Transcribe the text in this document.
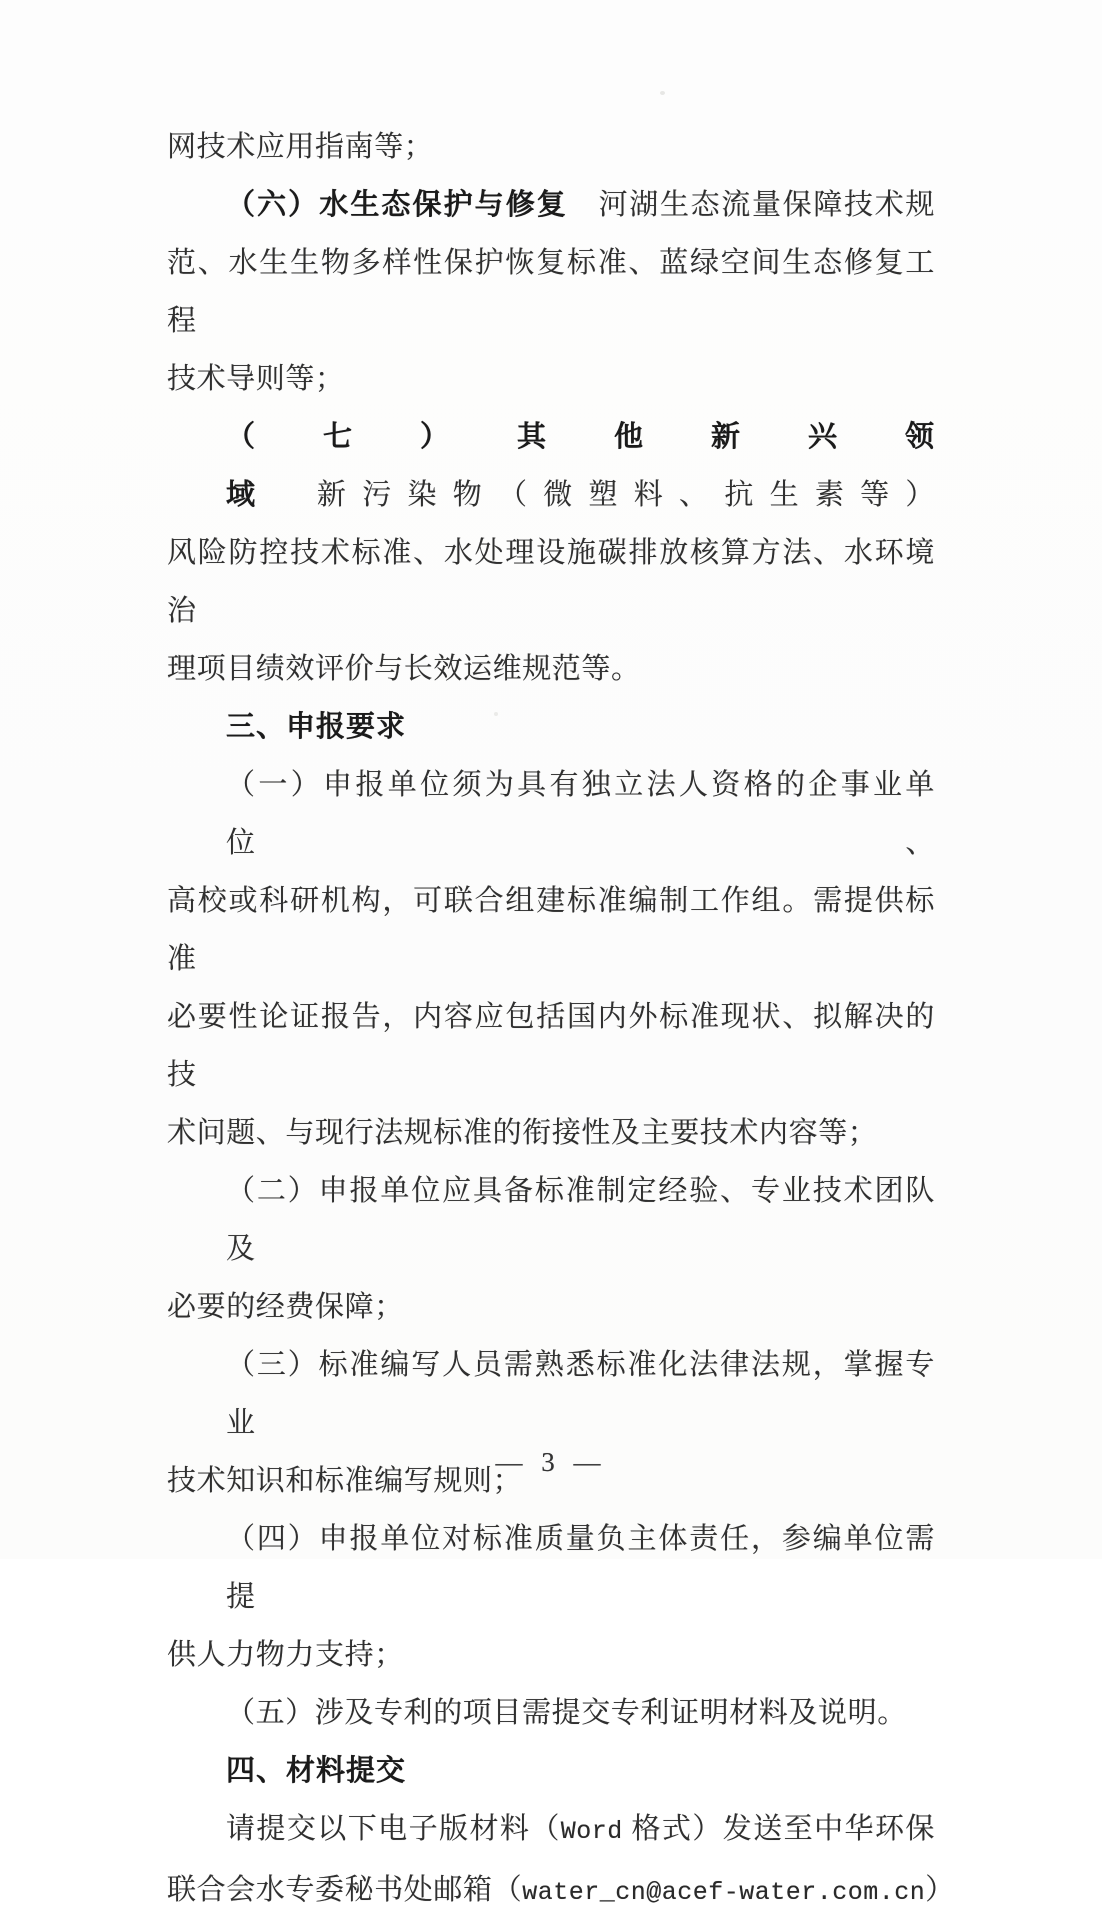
网技术应用指南等；

（六）水生态保护与修复　河湖生态流量保障技术规

范、水生生物多样性保护恢复标准、蓝绿空间生态修复工程

技术导则等；

（七）其他新兴领域　新污染物（微塑料、抗生素等）

风险防控技术标准、水处理设施碳排放核算方法、水环境治

理项目绩效评价与长效运维规范等。

三、申报要求

（一）申报单位须为具有独立法人资格的企事业单位、

高校或科研机构，可联合组建标准编制工作组。需提供标准

必要性论证报告，内容应包括国内外标准现状、拟解决的技

术问题、与现行法规标准的衔接性及主要技术内容等；

（二）申报单位应具备标准制定经验、专业技术团队及

必要的经费保障；

（三）标准编写人员需熟悉标准化法律法规，掌握专业

技术知识和标准编写规则；

（四）申报单位对标准质量负主体责任，参编单位需提

供人力物力支持；

（五）涉及专利的项目需提交专利证明材料及说明。

四、材料提交

请提交以下电子版材料（Word 格式）发送至中华环保

联合会水专委秘书处邮箱（water_cn@acef-water.com.cn）

— 3 —
